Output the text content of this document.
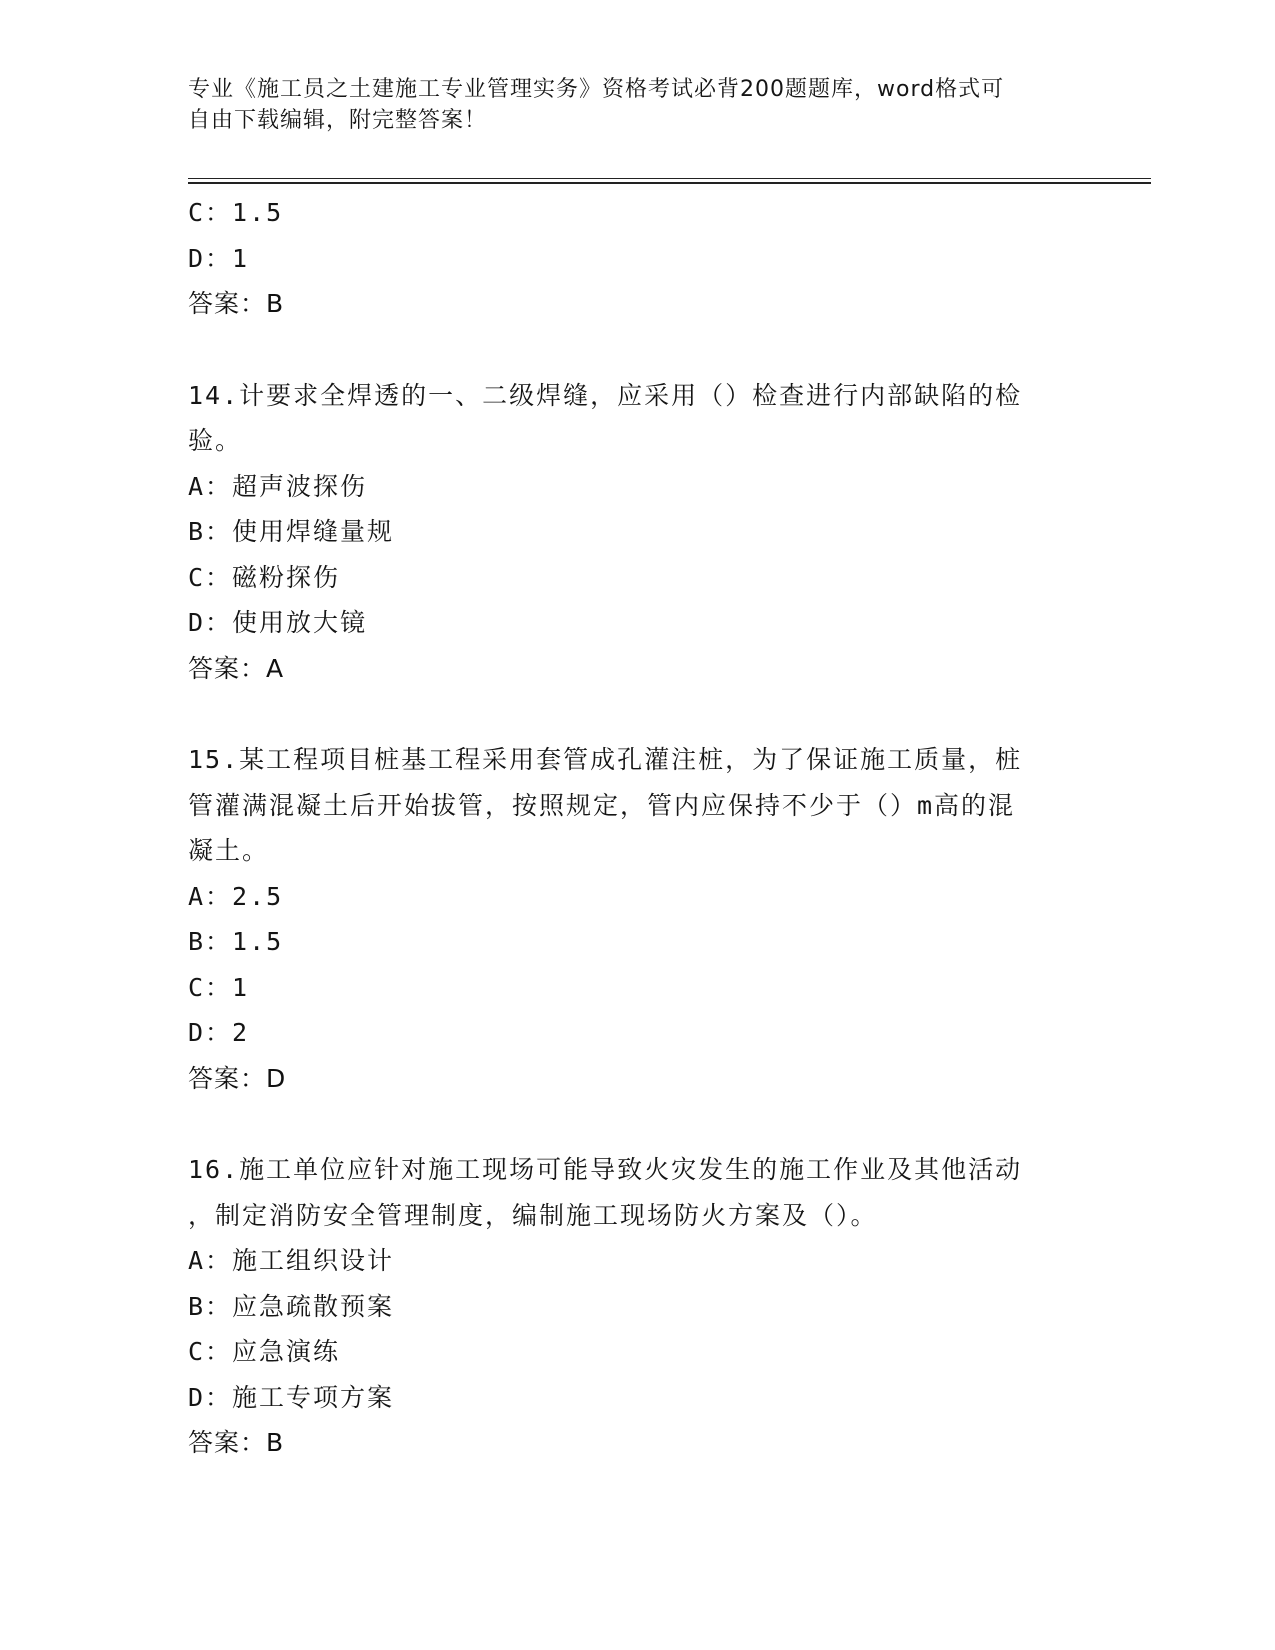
专业《施工员之土建施工专业管理实务》资格考试必背200题题库，word格式可
自由下载编辑，附完整答案！
C：1.5
D：1
答案：B
14.计要求全焊透的一、二级焊缝，应采用（）检查进行内部缺陷的检
验。
A：超声波探伤
B：使用焊缝量规
C：磁粉探伤
D：使用放大镜
答案：A
15.某工程项目桩基工程采用套管成孔灌注桩，为了保证施工质量，桩
管灌满混凝土后开始拔管，按照规定，管内应保持不少于（）m高的混
凝土。
A：2.5
B：1.5
C：1
D：2
答案：D
16.施工单位应针对施工现场可能导致火灾发生的施工作业及其他活动
，制定消防安全管理制度，编制施工现场防火方案及（）。
A：施工组织设计
B：应急疏散预案
C：应急演练
D：施工专项方案
答案：B
